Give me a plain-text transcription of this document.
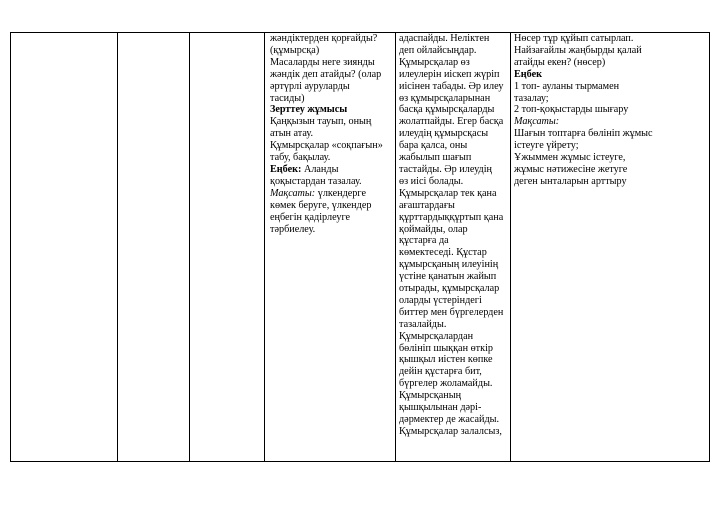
жәндіктерден қорғайды?

(құмырсқа)

Масаларды неге зиянды

жәндік деп атайды? (олар

әртүрлі ауруларды

тасиды)

Зерттеу жұмысы

Қаңқызын тауып, оның

атын атау.

Құмырсқалар «соқпағын»

табу, бақылау.

Еңбек: Аланды

қоқыстардан тазалау.

Мақсаты: үлкендерге

көмек беруге, үлкендер

еңбегін қадірлеуге

тәрбиелеу.

адаспайды. Неліктен

деп ойлайсыңдар.

Құмырсқалар өз

илеулерін иіскеп жүріп

иісінен табады. Әр илеу

өз құмырсқаларынан

басқа құмырсқаларды

жолатпайды. Егер басқа

илеудің құмырсқасы

бара қалса, оны

жабылып шағып

тастайды. Әр илеудің

өз иісі болады.

Құмырсқалар тек қана

ағаштардағы

құрттардыққұртып қана

қоймайды, олар

құстарға да

көмектеседі. Құстар

құмырсқаның илеуінің

үстіне қанатын жайып

отырады, құмырсқалар

оларды үстеріндегі

биттер мен бүргелерден

тазалайды.

Құмырсқалардан

бөлініп шыққан өткір

қышқыл иістен көпке

дейін құстарға бит,

бүргелер жоламайды.

Құмырсқаның

қышқылынан дәрі-

дәрмектер де жасайды.

Құмырсқалар залалсыз,

Нөсер тұр құйып сатырлап.

Найзағайлы жаңбырды қалай

атайды екен? (нөсер)

Еңбек

1 топ- ауланы тырмамен

тазалау;

2 топ-қоқыстарды шығару

Мақсаты:

Шағын топтарға бөлініп жұмыс

істеуге үйрету;

Ұжыммен жұмыс істеуге,

жұмыс нәтижесіне жетуге

деген ынталарын арттыру
